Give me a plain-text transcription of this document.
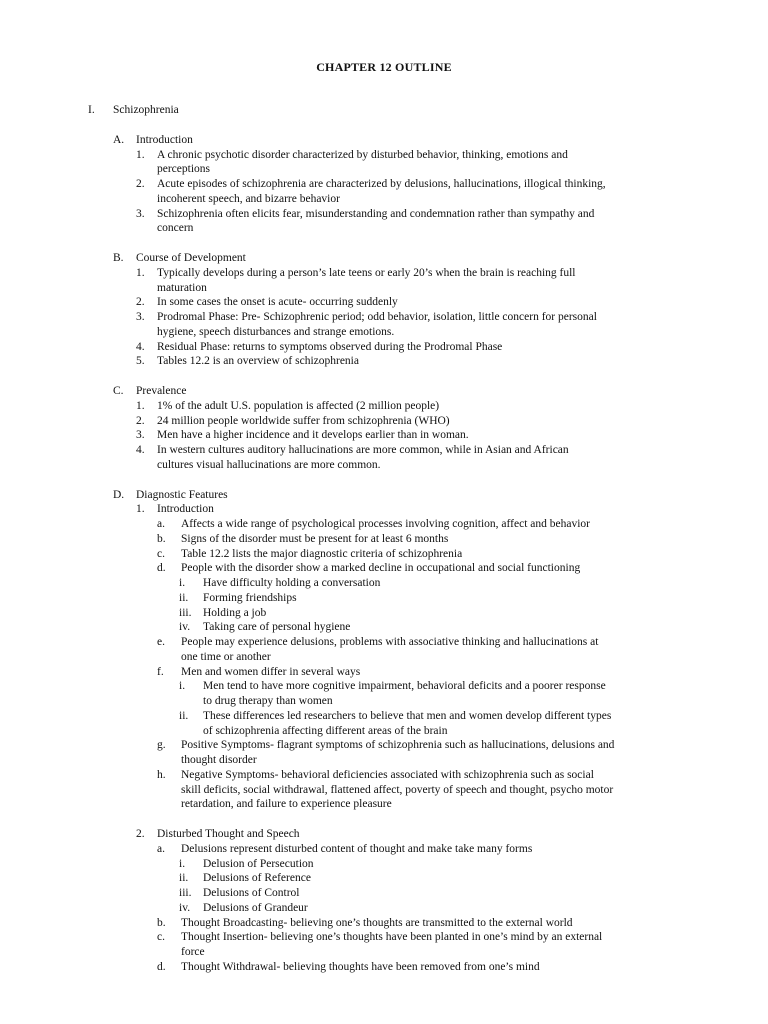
CHAPTER 12 OUTLINE
I. Schizophrenia
A. Introduction
1. A chronic psychotic disorder characterized by disturbed behavior, thinking, emotions and
perceptions
2. Acute episodes of schizophrenia are characterized by delusions, hallucinations, illogical thinking,
incoherent speech, and bizarre behavior
3. Schizophrenia often elicits fear, misunderstanding and condemnation rather than sympathy and
concern
B. Course of Development
1. Typically develops during a person’s late teens or early 20’s when the brain is reaching full
maturation
2. In some cases the onset is acute- occurring suddenly
3. Prodromal Phase: Pre- Schizophrenic period; odd behavior, isolation, little concern for personal
hygiene, speech disturbances and strange emotions.
4. Residual Phase: returns to symptoms observed during the Prodromal Phase
5. Tables 12.2 is an overview of schizophrenia
C. Prevalence
1. 1% of the adult U.S. population is affected (2 million people)
2. 24 million people worldwide suffer from schizophrenia (WHO)
3. Men have a higher incidence and it develops earlier than in woman.
4. In western cultures auditory hallucinations are more common, while in Asian and African
cultures visual hallucinations are more common.
D. Diagnostic Features
1. Introduction
a. Affects a wide range of psychological processes involving cognition, affect and behavior
b. Signs of the disorder must be present for at least 6 months
c. Table 12.2 lists the major diagnostic criteria of schizophrenia
d. People with the disorder show a marked decline in occupational and social functioning
i. Have difficulty holding a conversation
ii. Forming friendships
iii. Holding a job
iv. Taking care of personal hygiene
e. People may experience delusions, problems with associative thinking and hallucinations at
one time or another
f. Men and women differ in several ways
i. Men tend to have more cognitive impairment, behavioral deficits and a poorer response
to drug therapy than women
ii. These differences led researchers to believe that men and women develop different types
of schizophrenia affecting different areas of the brain
g. Positive Symptoms- flagrant symptoms of schizophrenia such as hallucinations, delusions and
thought disorder
h. Negative Symptoms- behavioral deficiencies associated with schizophrenia such as social
skill deficits, social withdrawal, flattened affect, poverty of speech and thought, psycho motor
retardation, and failure to experience pleasure
2. Disturbed Thought and Speech
a. Delusions represent disturbed content of thought and make take many forms
i. Delusion of Persecution
ii. Delusions of Reference
iii. Delusions of Control
iv. Delusions of Grandeur
b. Thought Broadcasting- believing one’s thoughts are transmitted to the external world
c. Thought Insertion- believing one’s thoughts have been planted in one’s mind by an external
force
d. Thought Withdrawal- believing thoughts have been removed from one’s mind
